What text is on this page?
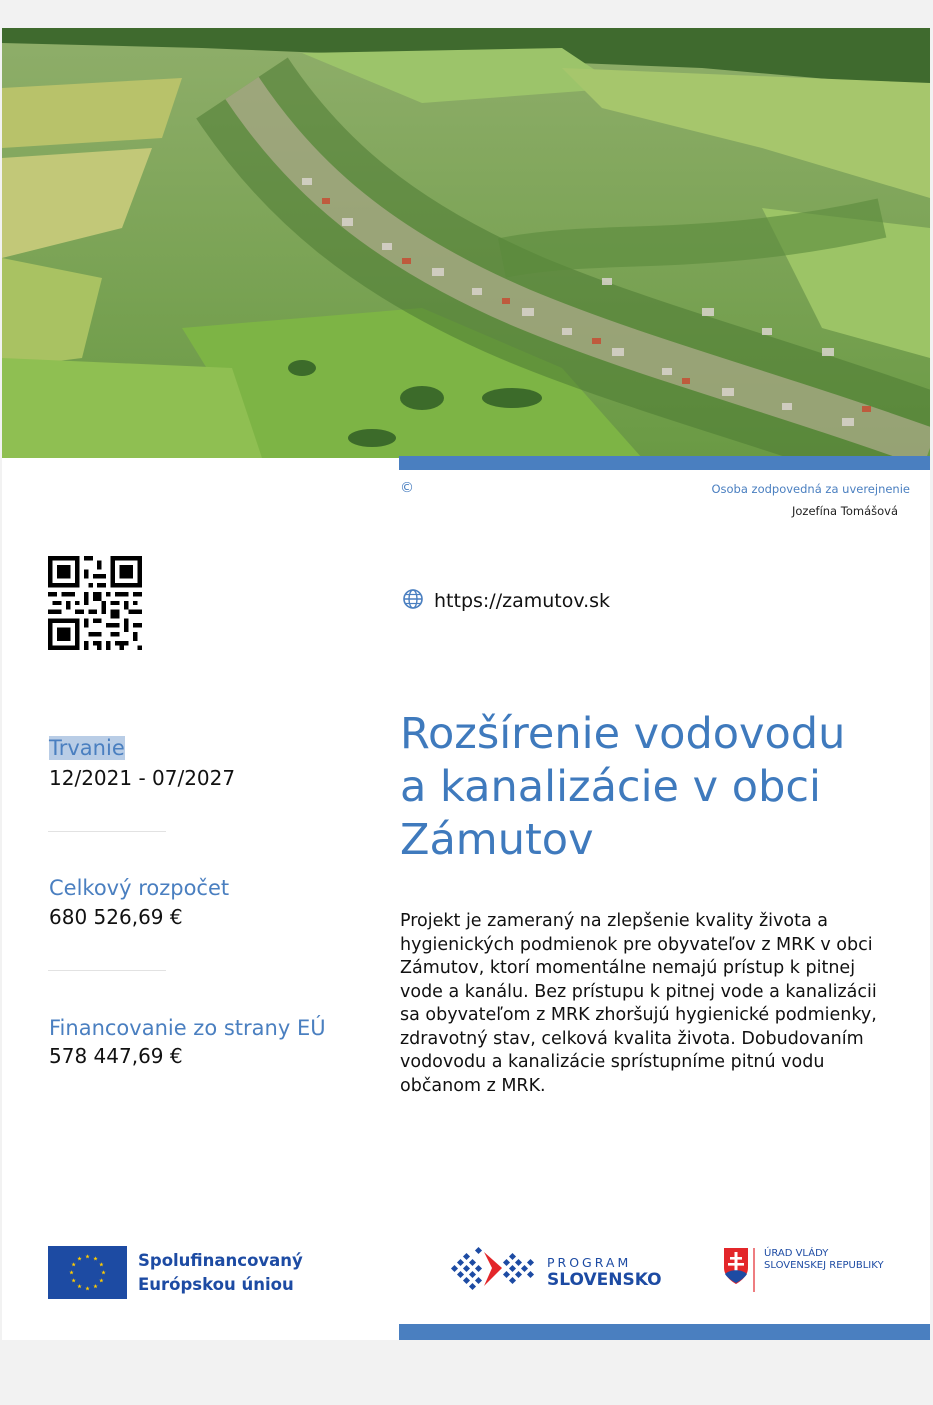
©	Osoba zodpovedná za uverejnenie
Jozefína Tomášová
https://zamutov.sk
Trvanie
12/2021 - 07/2027
Celkový rozpočet
680 526,69 €
Financovanie zo strany EÚ
578 447,69 €
Rozšírenie vodovodu a kanalizácie v obci Zámutov
Projekt je zameraný na zlepšenie kvality života a hygienických podmienok pre obyvateľov z MRK v obci Zámutov, ktorí momentálne nemajú prístup k pitnej vode a kanálu. Bez prístupu k pitnej vode a kanalizácii sa obyvateľom z MRK zhoršujú hygienické podmienky, zdravotný stav, celková kvalita života. Dobudovaním vodovodu a kanalizácie sprístupníme pitnú vodu občanom z MRK.
Spolufinancovaný
Európskou úniou
PROGRAM
SLOVENSKO
ÚRAD VLÁDY
SLOVENSKEJ REPUBLIKY
